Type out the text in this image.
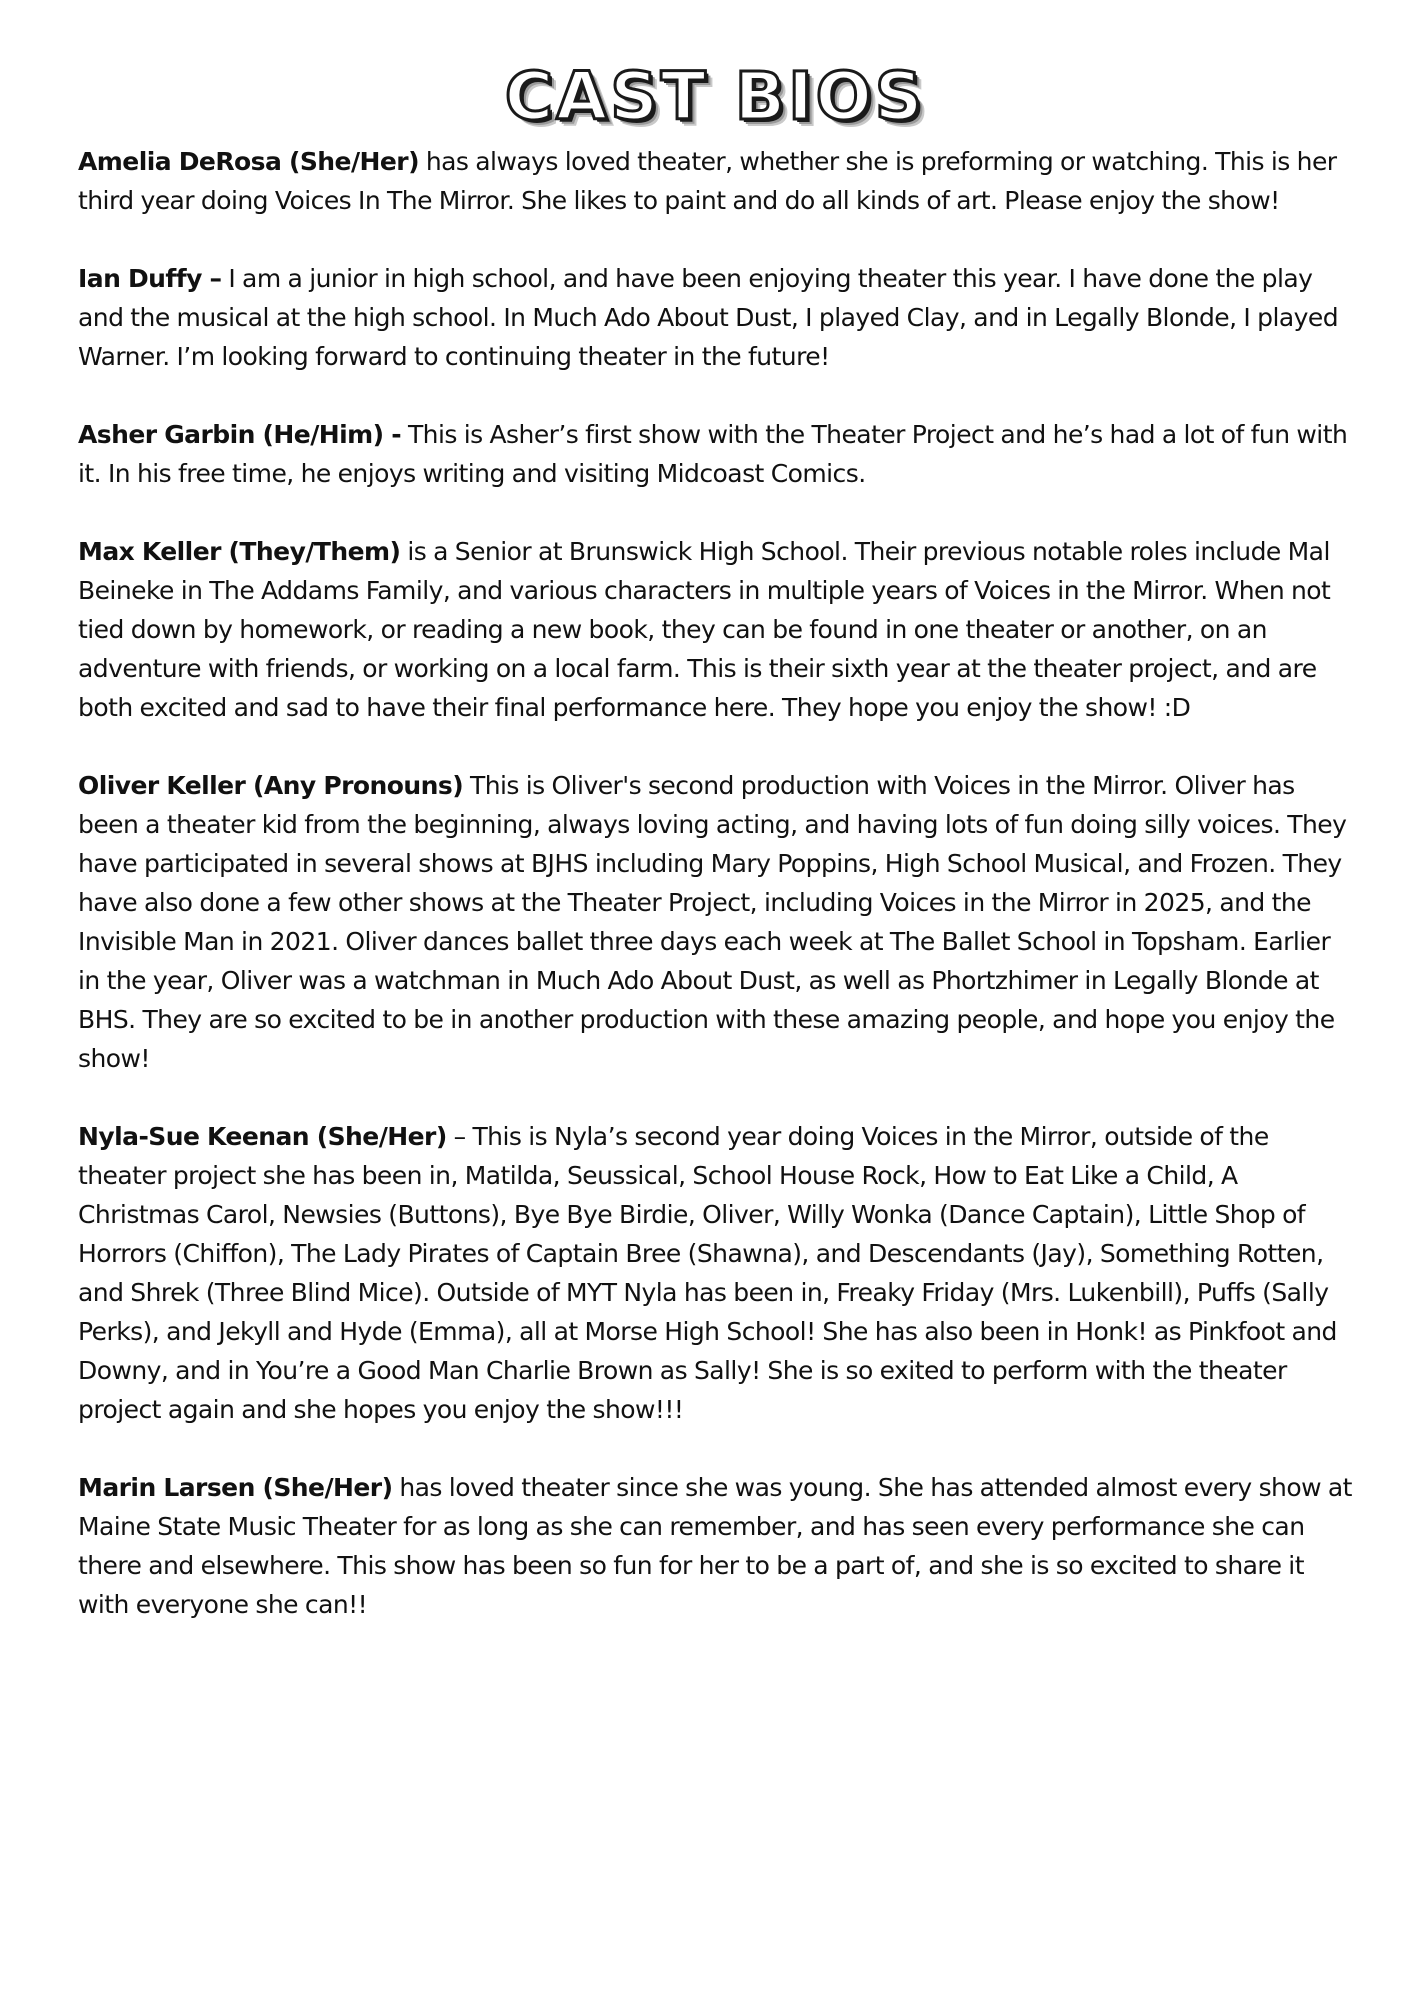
CAST BIOS

Amelia DeRosa (She/Her) has always loved theater, whether she is preforming or watching. This is her third year doing Voices In The Mirror. She likes to paint and do all kinds of art. Please enjoy the show!

Ian Duffy – I am a junior in high school, and have been enjoying theater this year. I have done the play and the musical at the high school. In Much Ado About Dust, I played Clay, and in Legally Blonde, I played Warner. I’m looking forward to continuing theater in the future!

Asher Garbin (He/Him) - This is Asher’s first show with the Theater Project and he’s had a lot of fun with it. In his free time, he enjoys writing and visiting Midcoast Comics.

Max Keller (They/Them) is a Senior at Brunswick High School. Their previous notable roles include Mal Beineke in The Addams Family, and various characters in multiple years of Voices in the Mirror. When not tied down by homework, or reading a new book, they can be found in one theater or another, on an adventure with friends, or working on a local farm. This is their sixth year at the theater project, and are both excited and sad to have their final performance here. They hope you enjoy the show! :D

Oliver Keller (Any Pronouns) This is Oliver's second production with Voices in the Mirror. Oliver has been a theater kid from the beginning, always loving acting, and having lots of fun doing silly voices. They have participated in several shows at BJHS including Mary Poppins, High School Musical, and Frozen. They have also done a few other shows at the Theater Project, including Voices in the Mirror in 2025, and the Invisible Man in 2021. Oliver dances ballet three days each week at The Ballet School in Topsham. Earlier in the year, Oliver was a watchman in Much Ado About Dust, as well as Phortzhimer in Legally Blonde at BHS. They are so excited to be in another production with these amazing people, and hope you enjoy the show!

Nyla-Sue Keenan (She/Her) – This is Nyla’s second year doing Voices in the Mirror, outside of the theater project she has been in, Matilda, Seussical, School House Rock, How to Eat Like a Child, A Christmas Carol, Newsies (Buttons), Bye Bye Birdie, Oliver, Willy Wonka (Dance Captain), Little Shop of Horrors (Chiffon), The Lady Pirates of Captain Bree (Shawna), and Descendants (Jay), Something Rotten, and Shrek (Three Blind Mice). Outside of MYT Nyla has been in, Freaky Friday (Mrs. Lukenbill), Puffs (Sally Perks), and Jekyll and Hyde (Emma), all at Morse High School! She has also been in Honk! as Pinkfoot and Downy, and in You’re a Good Man Charlie Brown as Sally! She is so exited to perform with the theater project again and she hopes you enjoy the show!!!

Marin Larsen (She/Her) has loved theater since she was young. She has attended almost every show at Maine State Music Theater for as long as she can remember, and has seen every performance she can there and elsewhere. This show has been so fun for her to be a part of, and she is so excited to share it with everyone she can!!
